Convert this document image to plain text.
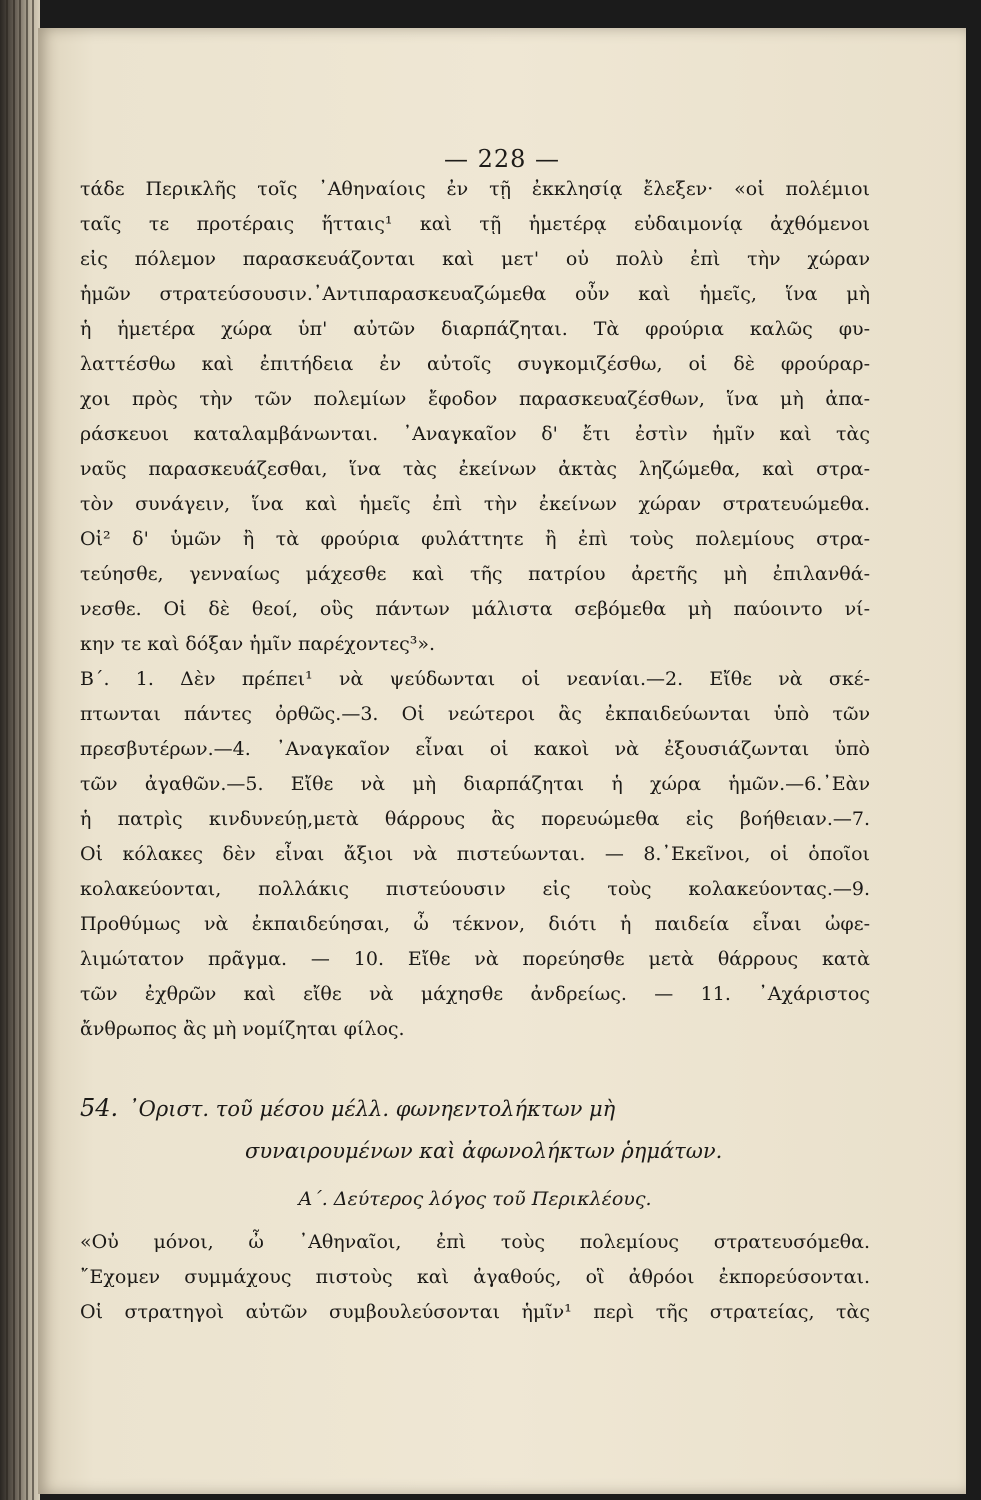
— 228 —
τάδε Περικλῆς τοῖς ᾿Αθηναίοις ἐν τῇ ἐκκλησίᾳ ἔλεξεν· «οἱ πολέμιοι
ταῖς τε προτέραις ἥτταις¹ καὶ τῇ ἡμετέρᾳ εὐδαιμονίᾳ ἀχθόμενοι
εἰς πόλεμον παρασκευάζονται καὶ μετ' οὐ πολὺ ἐπὶ τὴν χώραν
ἡμῶν στρατεύσουσιν.᾿Αντιπαρασκευαζώμεθα οὖν καὶ ἡμεῖς, ἵνα μὴ
ἡ ἡμετέρα χώρα ὑπ' αὐτῶν διαρπάζηται. Τὰ φρούρια καλῶς φυ-
λαττέσθω καὶ ἐπιτήδεια ἐν αὐτοῖς συγκομιζέσθω, οἱ δὲ φρούραρ-
χοι πρὸς τὴν τῶν πολεμίων ἔφοδον παρασκευαζέσθων, ἵνα μὴ ἀπα-
ράσκευοι καταλαμβάνωνται. ᾿Αναγκαῖον δ' ἔτι ἐστὶν ἡμῖν καὶ τὰς
ναῦς παρασκευάζεσθαι, ἵνα τὰς ἐκείνων ἀκτὰς ληζώμεθα, καὶ στρα-
τὸν συνάγειν, ἵνα καὶ ἡμεῖς ἐπὶ τὴν ἐκείνων χώραν στρατευώμεθα.
Οἱ² δ' ὑμῶν ἢ τὰ φρούρια φυλάττητε ἢ ἐπὶ τοὺς πολεμίους στρα-
τεύησθε, γενναίως μάχεσθε καὶ τῆς πατρίου ἀρετῆς μὴ ἐπιλανθά-
νεσθε. Οἱ δὲ θεοί, οὓς πάντων μάλιστα σεβόμεθα μὴ παύοιντο νί-
κην τε καὶ δόξαν ἡμῖν παρέχοντες³».
Β΄. 1. Δὲν πρέπει¹ νὰ ψεύδωνται οἱ νεανίαι.—2. Εἴθε νὰ σκέ-
πτωνται πάντες ὀρθῶς.—3. Οἱ νεώτεροι ἂς ἐκπαιδεύωνται ὑπὸ τῶν
πρεσβυτέρων.—4. ᾿Αναγκαῖον εἶναι οἱ κακοὶ νὰ ἐξουσιάζωνται ὑπὸ
τῶν ἀγαθῶν.—5. Εἴθε νὰ μὴ διαρπάζηται ἡ χώρα ἡμῶν.—6.᾿Εὰν
ἡ πατρὶς κινδυνεύῃ,μετὰ θάρρους ἂς πορευώμεθα εἰς βοήθειαν.—7.
Οἱ κόλακες δὲν εἶναι ἄξιοι νὰ πιστεύωνται. — 8.᾿Εκεῖνοι, οἱ ὁποῖοι
κολακεύονται, πολλάκις πιστεύουσιν εἰς τοὺς κολακεύοντας.—9.
Προθύμως νὰ ἐκπαιδεύησαι, ὦ τέκνον, διότι ἡ παιδεία εἶναι ὠφε-
λιμώτατον πρᾶγμα. — 10. Εἴθε νὰ πορεύησθε μετὰ θάρρους κατὰ
τῶν ἐχθρῶν καὶ εἴθε νὰ μάχησθε ἀνδρείως. — 11. ᾿Αχάριστος
ἄνθρωπος ἂς μὴ νομίζηται φίλος.
54. ᾿Οριστ. τοῦ μέσου μέλλ. φωνηεντολήκτων μὴ
συναιρουμένων καὶ ἀφωνολήκτων ῥημάτων.
Α΄. Δεύτερος λόγος τοῦ Περικλέους.
«Οὐ μόνοι, ὦ ᾿Αθηναῖοι, ἐπὶ τοὺς πολεμίους στρατευσόμεθα.
῎Εχομεν συμμάχους πιστοὺς καὶ ἀγαθούς, οἳ ἀθρόοι ἐκπορεύσονται.
Οἱ στρατηγοὶ αὐτῶν συμβουλεύσονται ἡμῖν¹ περὶ τῆς στρατείας, τὰς
